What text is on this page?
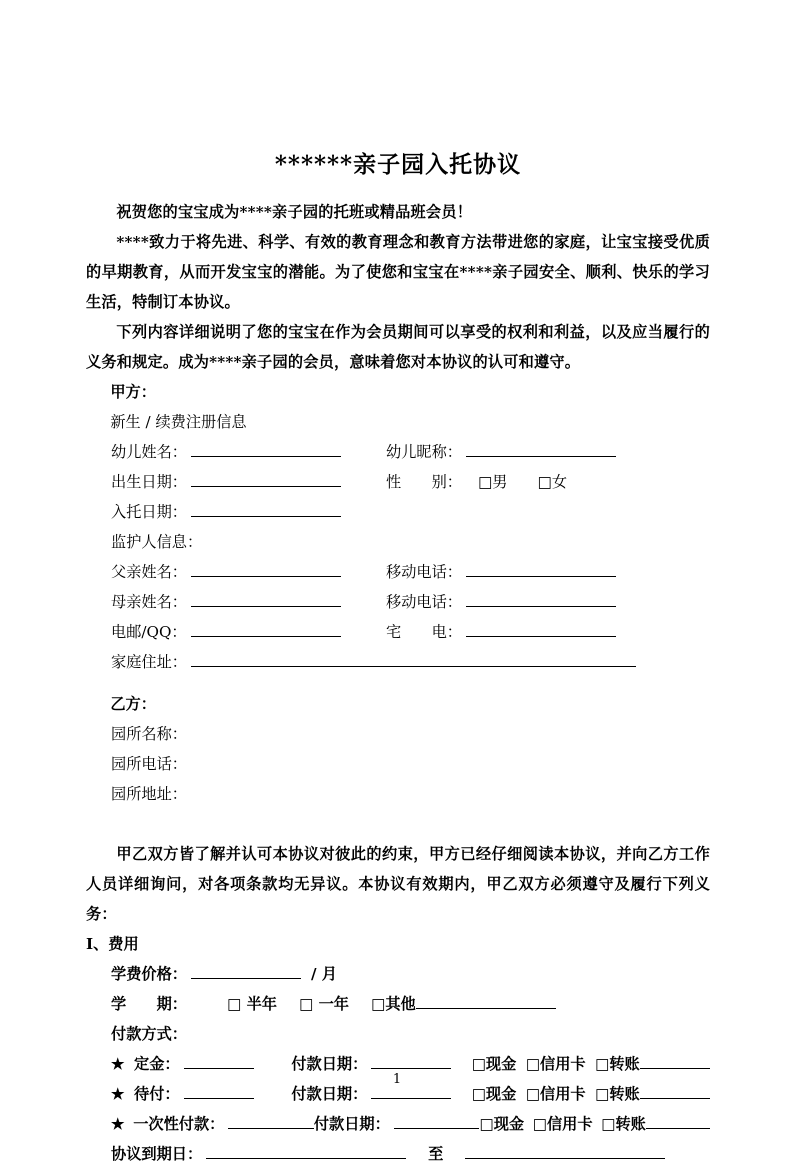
******亲子园入托协议

祝贺您的宝宝成为****亲子园的托班或精品班会员！

****致力于将先进、科学、有效的教育理念和教育方法带进您的家庭，让宝宝接受优质的早期教育，从而开发宝宝的潜能。为了使您和宝宝在****亲子园安全、顺利、快乐的学习生活，特制订本协议。

下列内容详细说明了您的宝宝在作为会员期间可以享受的权利和利益，以及应当履行的义务和规定。成为****亲子园的会员，意味着您对本协议的认可和遵守。

甲方：
新生 / 续费注册信息
幼儿姓名：	幼儿昵称：
出生日期：	性　　别： □男 □女
入托日期：
监护人信息：
父亲姓名：	移动电话：
母亲姓名：	移动电话：
电邮/QQ：	宅　　电：
家庭住址：
乙方：
园所名称：
园所电话：
园所地址：

甲乙双方皆了解并认可本协议对彼此的约束，甲方已经仔细阅读本协议，并向乙方工作人员详细询问，对各项条款均无异议。本协议有效期内，甲乙双方必须遵守及履行下列义务：

I、费用
学费价格：	/ 月
学　　期：	□ 半年 □ 一年 □其他
付款方式：
★ 定金：	付款日期：	□现金 □信用卡 □转账
★ 待付：	付款日期：	□现金 □信用卡 □转账
★ 一次性付款：	付款日期：	□现金 □信用卡 □转账
协议到期日：	至
1
